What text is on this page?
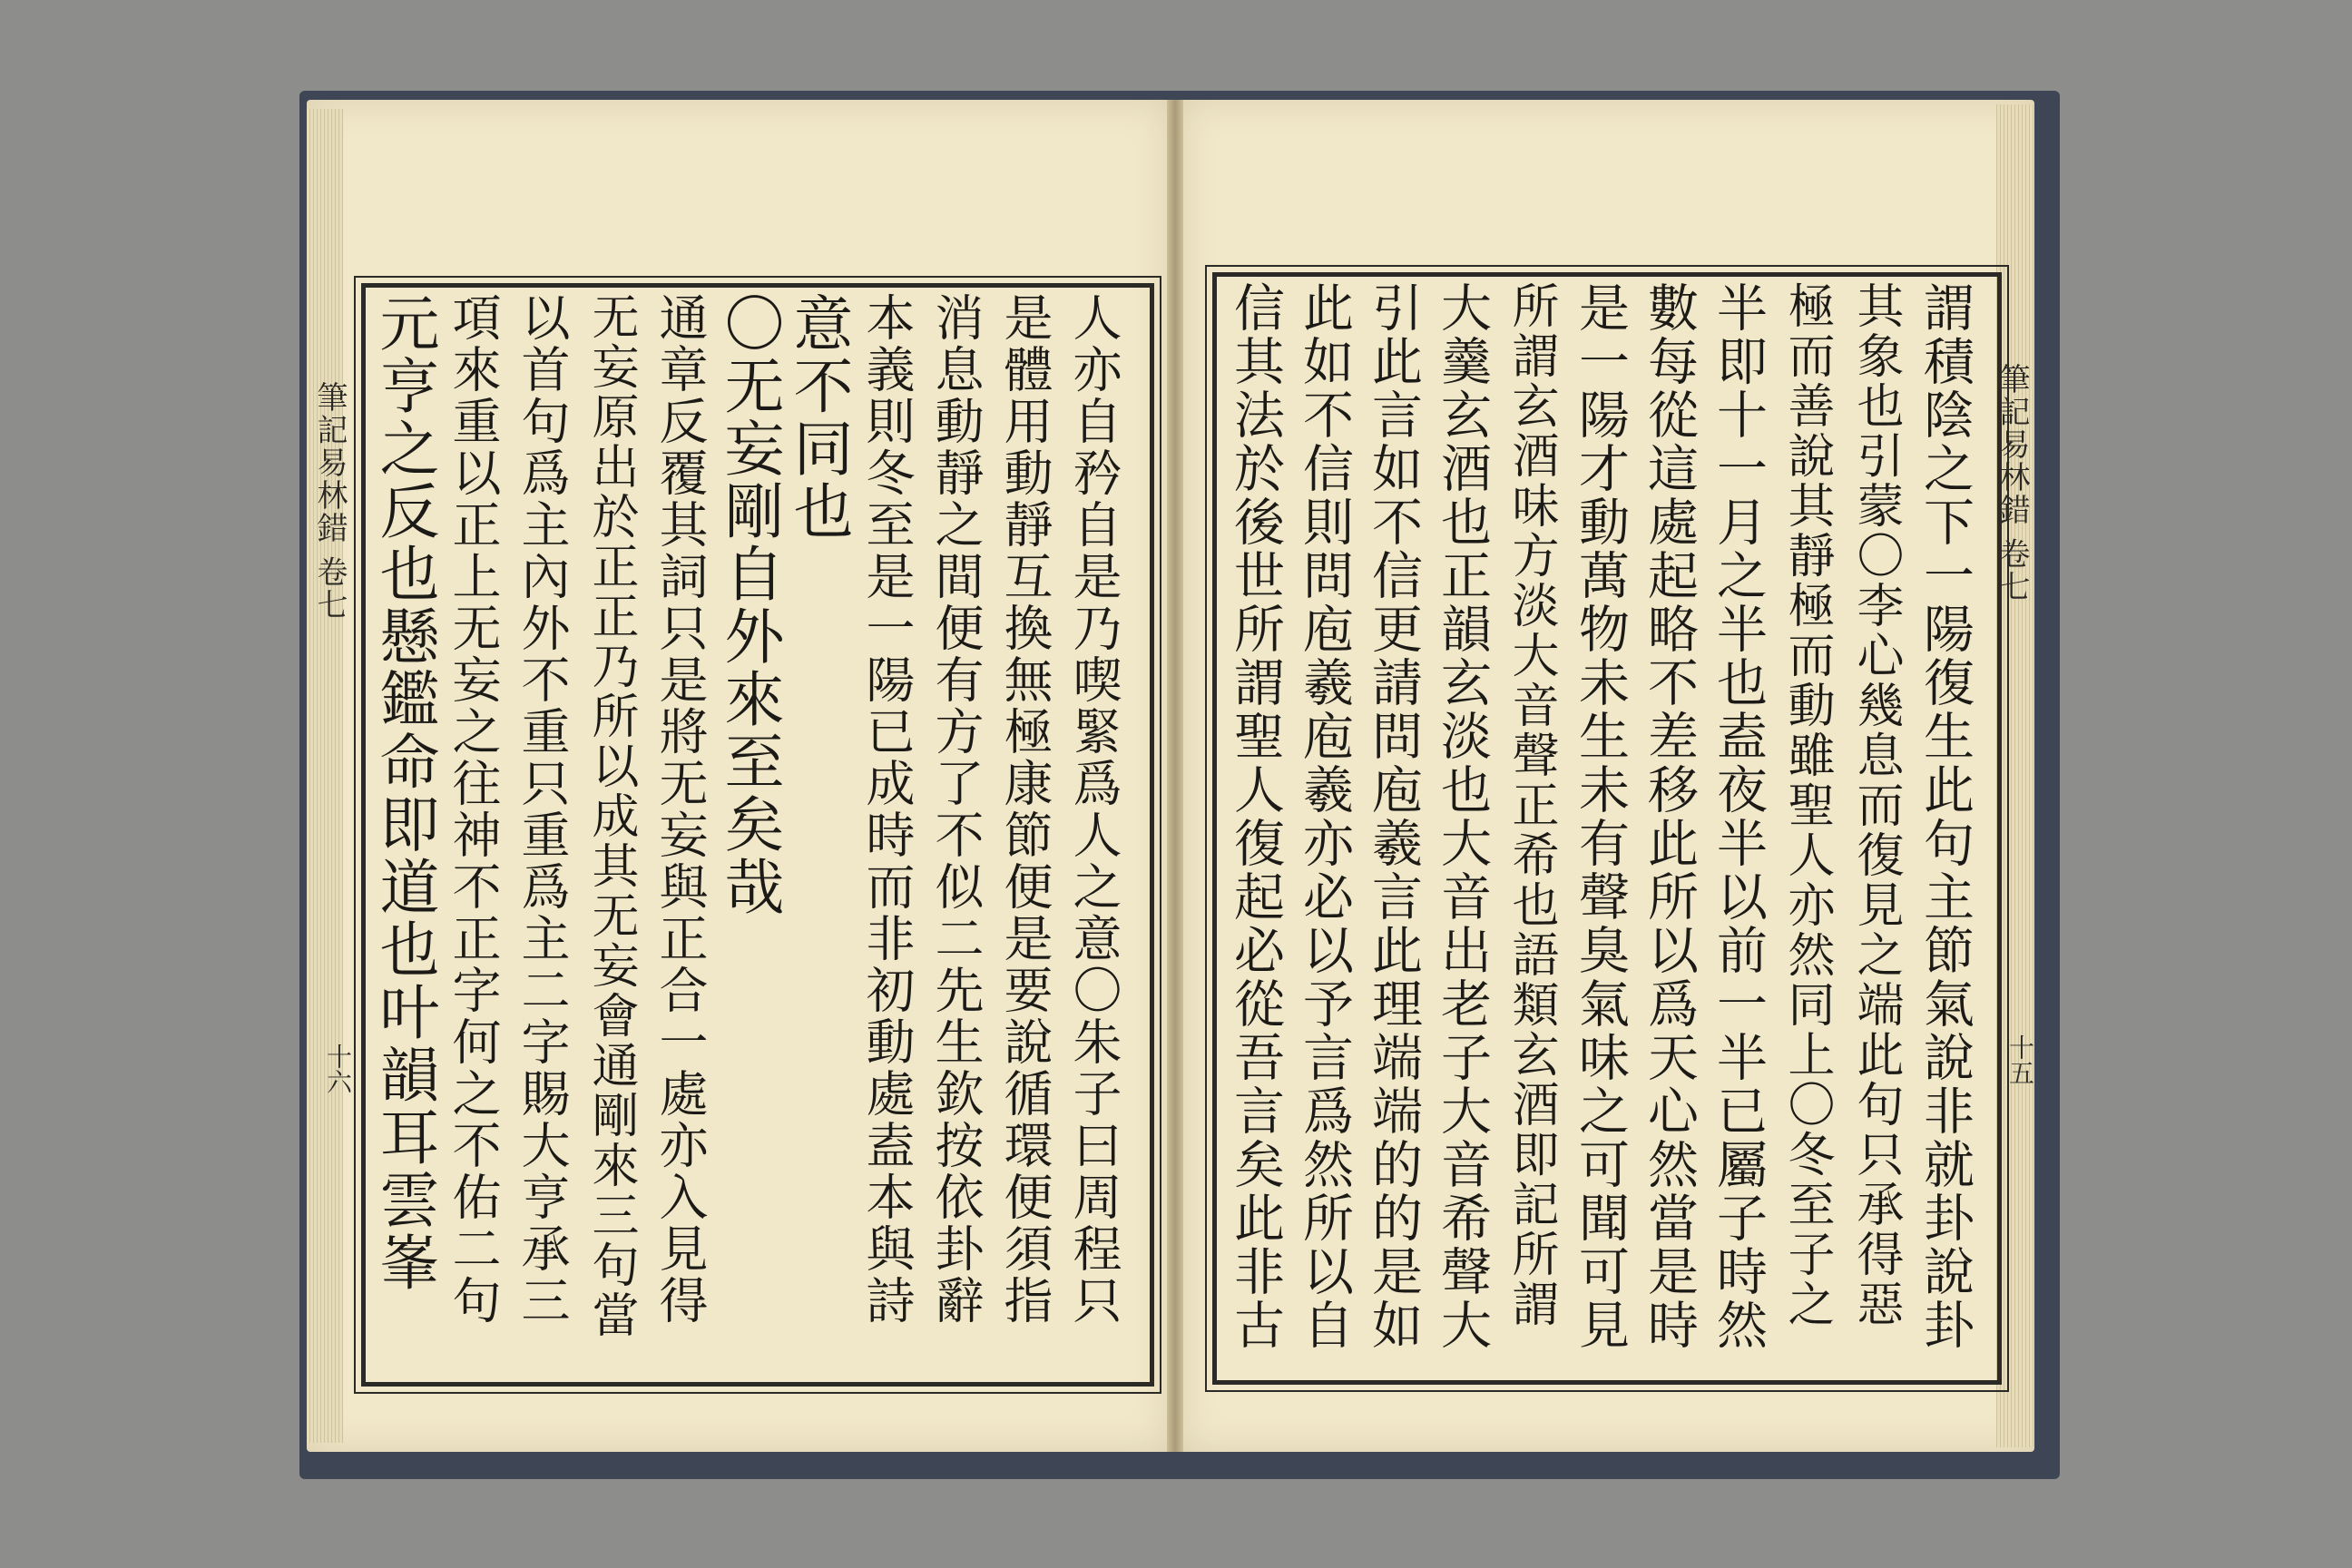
筆記易林錯 卷七
十六
筆記易林錯 卷七
十五
人亦自矜自是乃喫緊爲人之意〇朱子曰周程只
是體用動靜互換無極康節便是要說循環便須指
消息動靜之間便有方了不似二先生欽按依卦辭
本義則冬至是一陽已成時而非初動處盍本與詩
意不同也
〇无妄剛自外來至矣哉
通章反覆其詞只是將无妄與正合一處亦入見得
无妄原出於正正乃所以成其无妄會通剛來三句當
以首句爲主內外不重只重爲主二字賜大亨承三
項來重以正上无妄之往神不正字何之不佑二句
元亨之反也懸鑑命即道也叶韻耳雲峯	謂積陰之下一陽復生此句主節氣說非就卦說卦
其象也引蒙〇李心幾息而復見之端此句只承得惡
極而善說其靜極而動雖聖人亦然同上〇冬至子之
半即十一月之半也盍夜半以前一半已屬子時然
數每從這處起略不差移此所以爲天心然當是時
是一陽才動萬物未生未有聲臭氣味之可聞可見
所謂玄酒味方淡大音聲正希也語類玄酒即記所謂
大羹玄酒也正韻玄淡也大音出老子大音希聲大
引此言如不信更請問庖羲言此理端端的的是如
此如不信則問庖羲庖羲亦必以予言爲然所以自
信其法於後世所謂聖人復起必從吾言矣此非古
